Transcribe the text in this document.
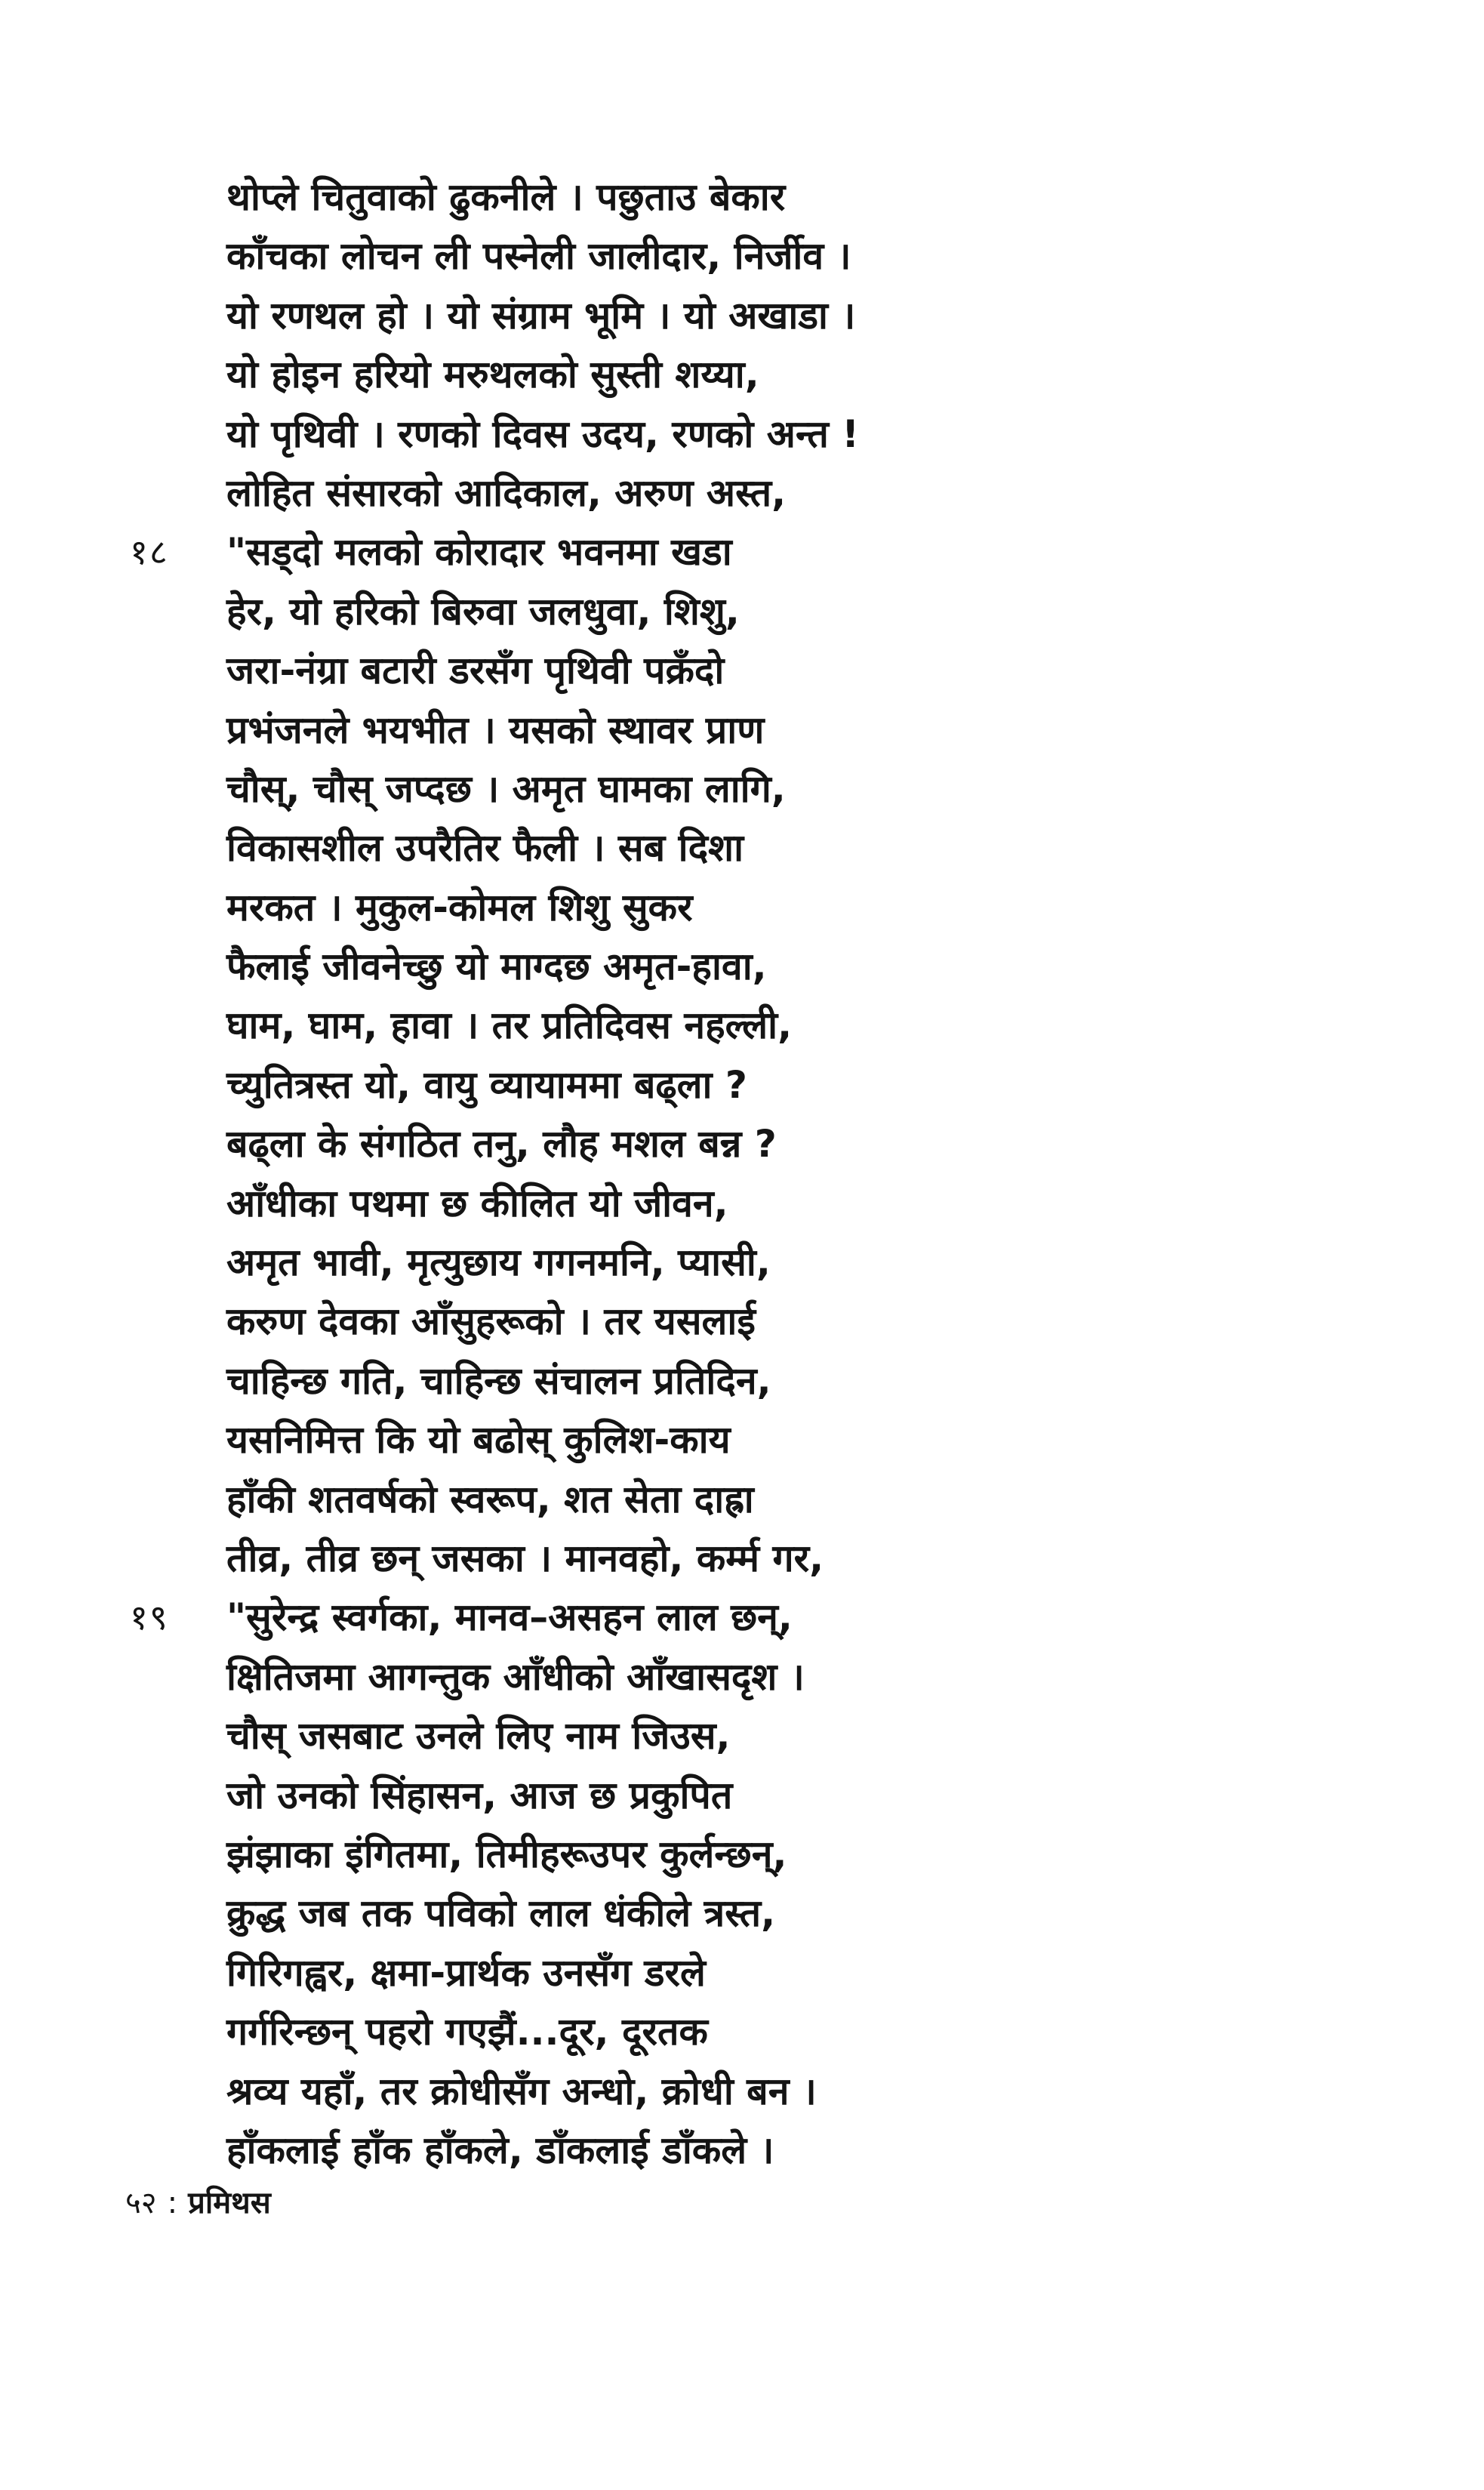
थोप्ले चितुवाको ढुकनीले । पछुताउ बेकार
काँचका लोचन ली पस्नेली जालीदार, निर्जीव ।
यो रणथल हो । यो संग्राम भूमि । यो अखाडा ।
यो होइन हरियो मरुथलको सुस्ती शय्या,
यो पृथिवी । रणको दिवस उदय, रणको अन्त !
लोहित संसारको आदिकाल, अरुण अस्त,
१८ "सड्दो मलको कोरादार भवनमा खडा
हेर, यो हरिको बिरुवा जलधुवा, शिशु,
जरा-नंग्रा बटारी डरसँग पृथिवी पक्रँदो
प्रभंजनले भयभीत । यसको स्थावर प्राण
चौस्, चौस् जप्दछ । अमृत घामका लागि,
विकासशील उपरैतिर फैली । सब दिशा
मरकत । मुकुल-कोमल शिशु सुकर
फैलाई जीवनेच्छु यो माग्दछ अमृत-हावा,
घाम, घाम, हावा । तर प्रतिदिवस नहल्ली,
च्युतित्रस्त यो, वायु व्यायाममा बढ्ला ?
बढ्ला के संगठित तनु, लौह मशल बन्न ?
आँधीका पथमा छ कीलित यो जीवन,
अमृत भावी, मृत्युछाय गगनमनि, प्यासी,
करुण देवका आँसुहरूको । तर यसलाई
चाहिन्छ गति, चाहिन्छ संचालन प्रतिदिन,
यसनिमित्त कि यो बढोस् कुलिश-काय
हाँकी शतवर्षको स्वरूप, शत सेता दाह्रा
तीव्र, तीव्र छन् जसका । मानवहो, कर्म्म गर,
१९ "सुरेन्द्र स्वर्गका, मानव–असहन लाल छन्,
क्षितिजमा आगन्तुक आँधीको आँखासदृश ।
चौस् जसबाट उनले लिए नाम जिउस,
जो उनको सिंहासन, आज छ प्रकुपित
झंझाका इंगितमा, तिमीहरूउपर कुर्लन्छन्,
क्रुद्ध जब तक पविको लाल धंकीले त्रस्त,
गिरिगह्वर, क्षमा-प्रार्थक उनसँग डरले
गर्गरिन्छन् पहरो गएझैं...दूर, दूरतक
श्रव्य यहाँ, तर क्रोधीसँग अन्धो, क्रोधी बन ।
हाँकलाई हाँक हाँकले, डाँकलाई डाँकले ।
५२ : प्रमिथस
